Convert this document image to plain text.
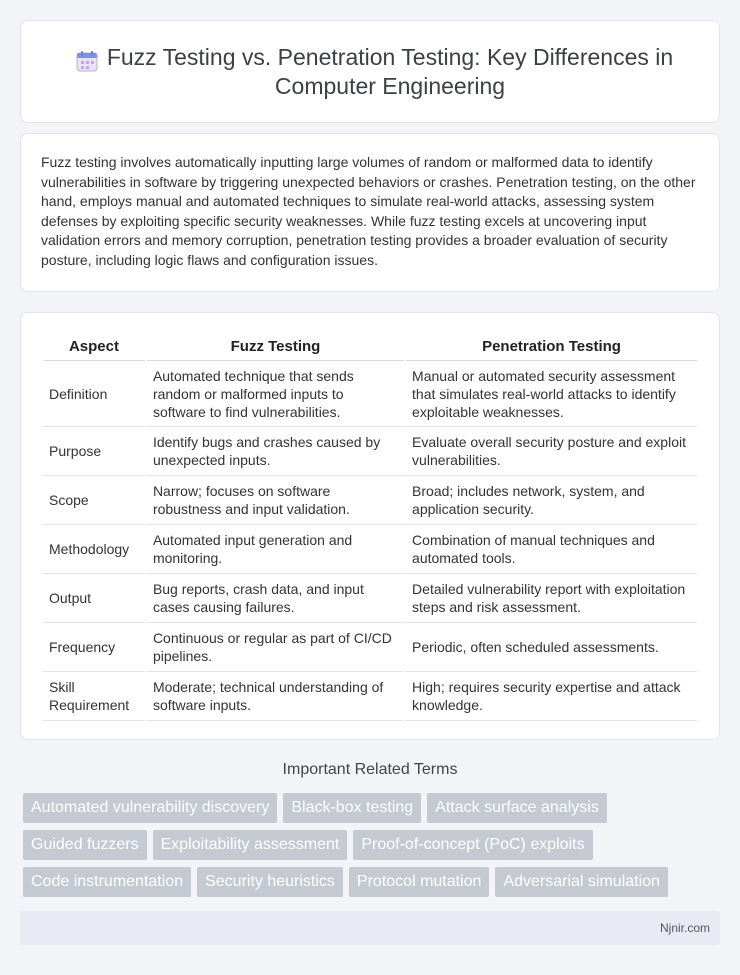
Fuzz Testing vs. Penetration Testing: Key Differences in Computer Engineering

Fuzz testing involves automatically inputting large volumes of random or malformed data to identify vulnerabilities in software by triggering unexpected behaviors or crashes. Penetration testing, on the other hand, employs manual and automated techniques to simulate real-world attacks, assessing system defenses by exploiting specific security weaknesses. While fuzz testing excels at uncovering input validation errors and memory corruption, penetration testing provides a broader evaluation of security posture, including logic flaws and configuration issues.

Aspect	Fuzz Testing	Penetration Testing
Definition	Automated technique that sends random or malformed inputs to software to find vulnerabilities.	Manual or automated security assessment that simulates real-world attacks to identify exploitable weaknesses.
Purpose	Identify bugs and crashes caused by unexpected inputs.	Evaluate overall security posture and exploit vulnerabilities.
Scope	Narrow; focuses on software robustness and input validation.	Broad; includes network, system, and application security.
Methodology	Automated input generation and monitoring.	Combination of manual techniques and automated tools.
Output	Bug reports, crash data, and input cases causing failures.	Detailed vulnerability report with exploitation steps and risk assessment.
Frequency	Continuous or regular as part of CI/CD pipelines.	Periodic, often scheduled assessments.
Skill Requirement	Moderate; technical understanding of software inputs.	High; requires security expertise and attack knowledge.
Important Related Terms
Automated vulnerability discovery	Black-box testing	Attack surface analysis
Guided fuzzers	Exploitability assessment	Proof-of-concept (PoC) exploits
Code instrumentation	Security heuristics	Protocol mutation	Adversarial simulation
Njnir.com
